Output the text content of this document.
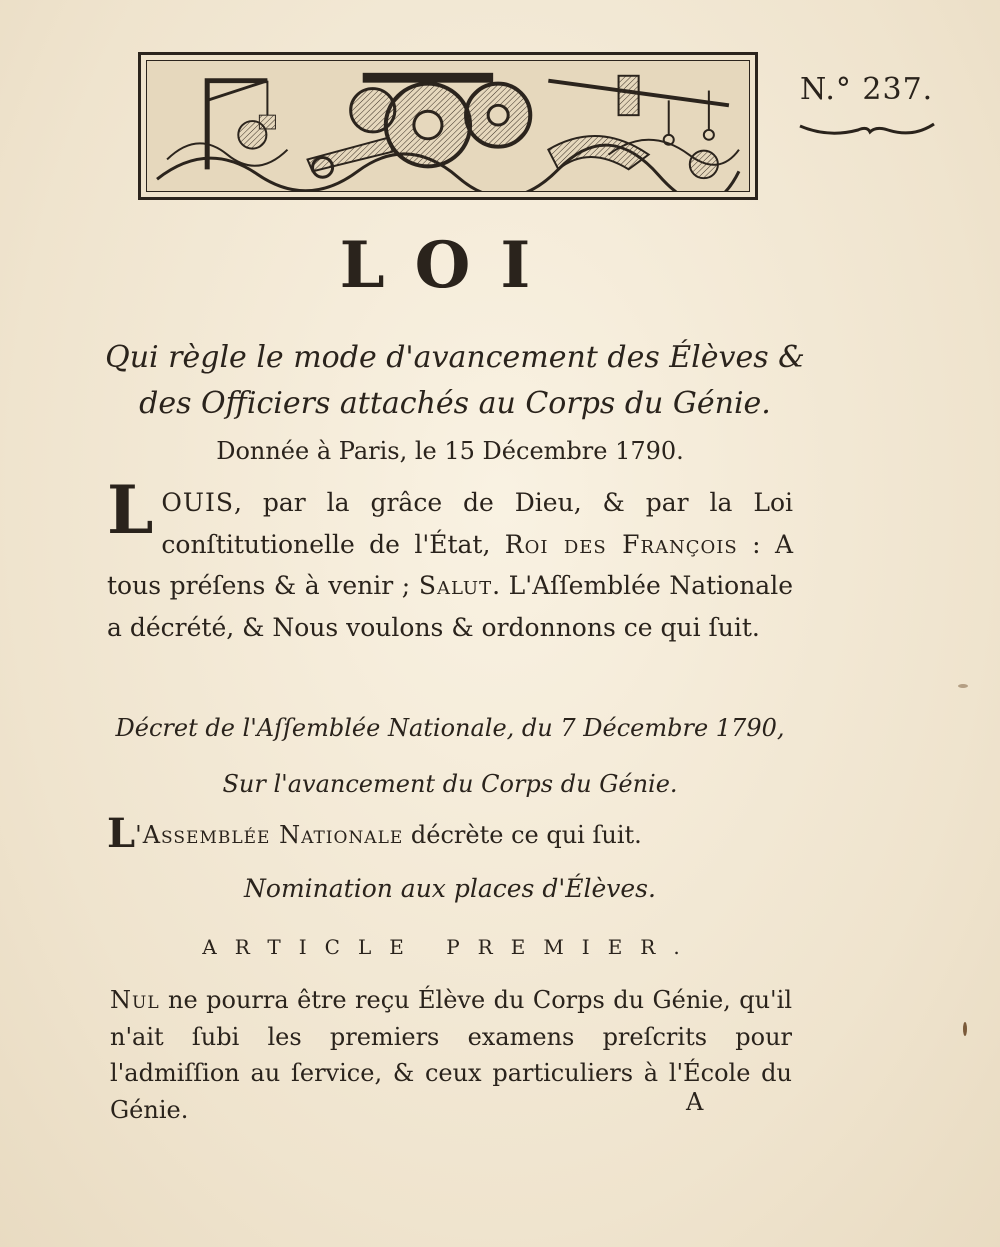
N.° 237.
LOI
Qui règle le mode d'avancement des Élèves & des Officiers attachés au Corps du Génie.
Donnée à Paris, le 15 Décembre 1790.
LOUIS, par la grâce de Dieu, & par la Loi conſtitutionelle de l'État, Roi des François : A tous préſens & à venir ; Salut. L'Aſſemblée Nationale a décrété, & Nous voulons & ordonnons ce qui ſuit.
Décret de l'Aſſemblée Nationale, du 7 Décembre 1790,
Sur l'avancement du Corps du Génie.
L'Assemblée Nationale décrète ce qui ſuit.
Nomination aux places d'Élèves.
ARTICLE PREMIER.
Nul ne pourra être reçu Élève du Corps du Génie, qu'il n'ait ſubi les premiers examens preſcrits pour l'admiſſion au ſervice, & ceux particuliers à l'École du Génie.	A
